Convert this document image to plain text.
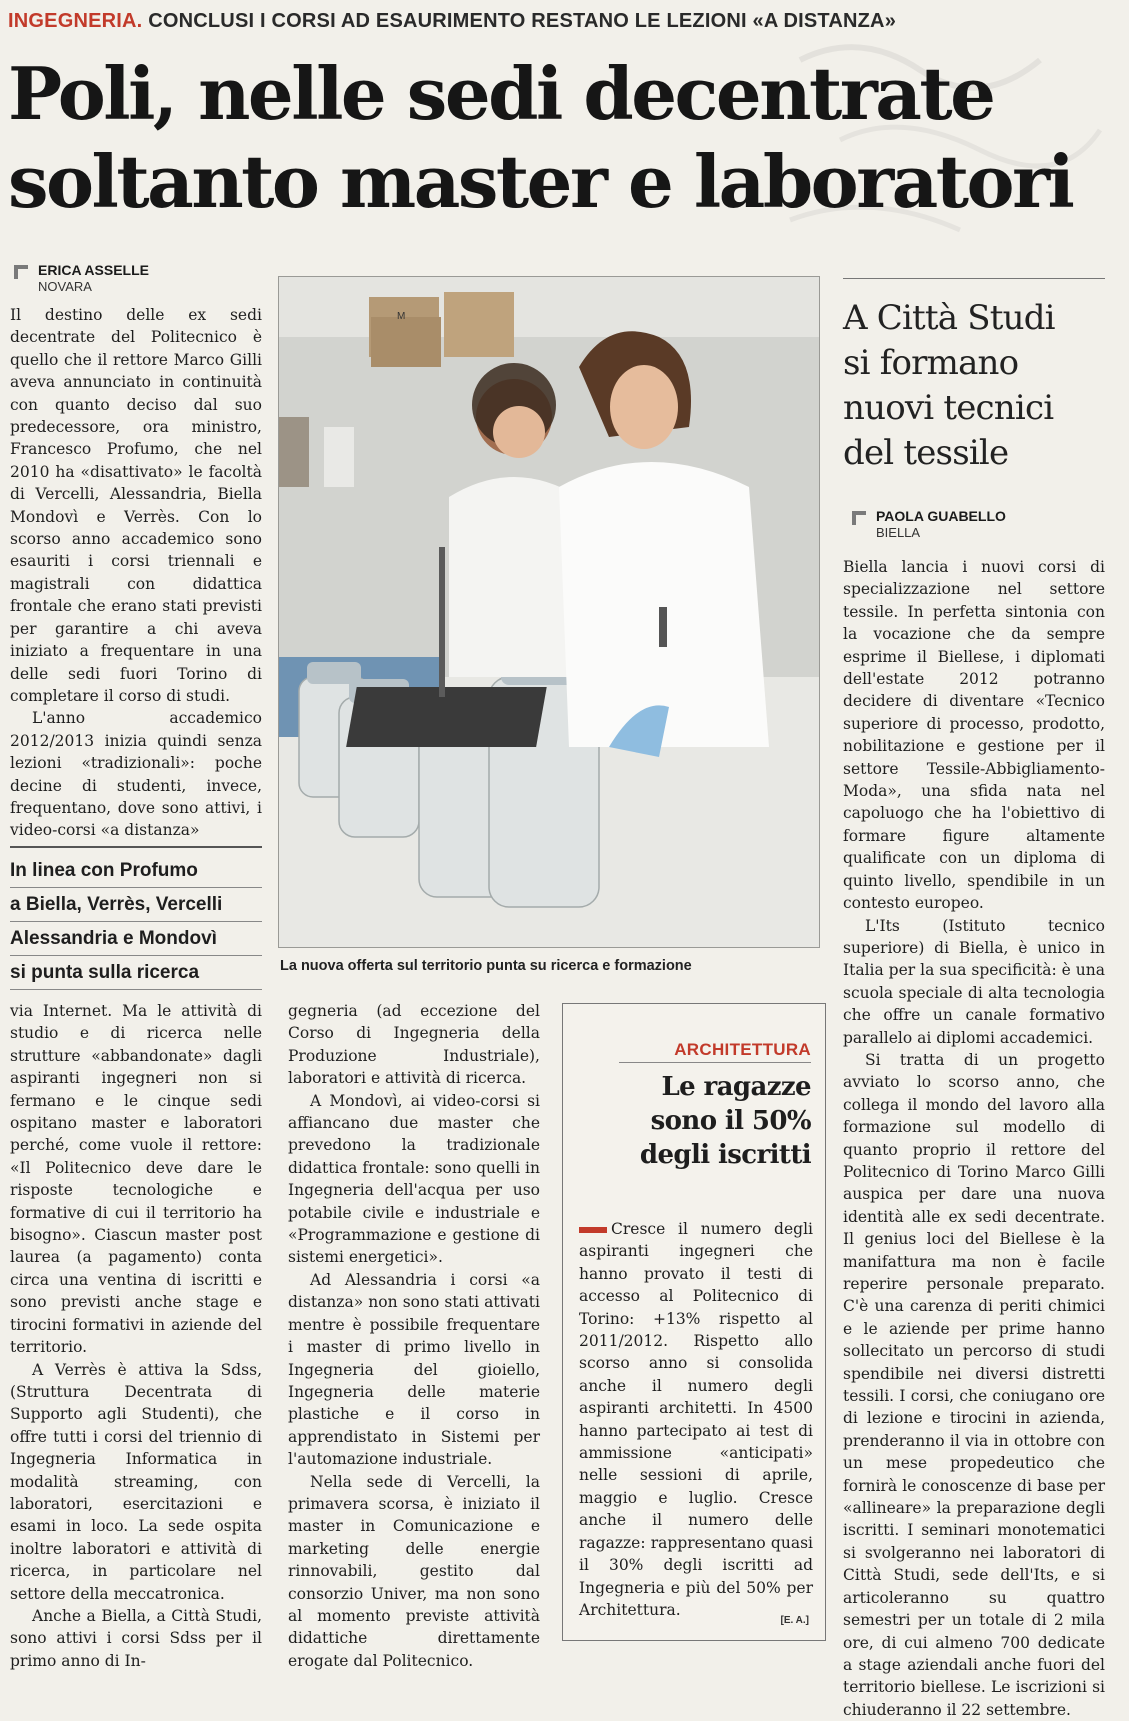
INGEGNERIA. CONCLUSI I CORSI AD ESAURIMENTO RESTANO LE LEZIONI «A DISTANZA»
Poli, nelle sedi decentrate
soltanto master e laboratori
ERICA ASSELLE
NOVARA

Il destino delle ex sedi decentrate del Politecnico è quello che il rettore Marco Gilli aveva annunciato in continuità con quanto deciso dal suo predecessore, ora ministro, Francesco Profumo, che nel 2010 ha «disattivato» le facoltà di Vercelli, Alessandria, Biella Mondovì e Verrès. Con lo scorso anno accademico sono esauriti i corsi triennali e magistrali con didattica frontale che erano stati previsti per garantire a chi aveva iniziato a frequentare in una delle sedi fuori Torino di completare il corso di studi.

L'anno accademico 2012/2013 inizia quindi senza lezioni «tradizionali»: poche decine di studenti, invece, frequentano, dove sono attivi, i video-corsi «a distanza»

In linea con Profumo
a Biella, Verrès, Vercelli
Alessandria e Mondovì
si punta sulla ricerca

via Internet. Ma le attività di studio e di ricerca nelle strutture «abbandonate» dagli aspiranti ingegneri non si fermano e le cinque sedi ospitano master e laboratori perché, come vuole il rettore: «Il Politecnico deve dare le risposte tecnologiche e formative di cui il territorio ha bisogno». Ciascun master post laurea (a pagamento) conta circa una ventina di iscritti e sono previsti anche stage e tirocini formativi in aziende del territorio.

A Verrès è attiva la Sdss, (Struttura Decentrata di Supporto agli Studenti), che offre tutti i corsi del triennio di Ingegneria Informatica in modalità streaming, con laboratori, esercitazioni e esami in loco. La sede ospita inoltre laboratori e attività di ricerca, in particolare nel settore della meccatronica.

Anche a Biella, a Città Studi, sono attivi i corsi Sdss per il primo anno di In-

gegneria (ad eccezione del Corso di Ingegneria della Produzione Industriale), laboratori e attività di ricerca.

A Mondovì, ai video-corsi si affiancano due master che prevedono la tradizionale didattica frontale: sono quelli in Ingegneria dell'acqua per uso potabile civile e industriale e «Programmazione e gestione di sistemi energetici».

Ad Alessandria i corsi «a distanza» non sono stati attivati mentre è possibile frequentare i master di primo livello in Ingegneria del gioiello, Ingegneria delle materie plastiche e il corso in apprendistato in Sistemi per l'automazione industriale.

Nella sede di Vercelli, la primavera scorsa, è iniziato il master in Comunicazione e marketing delle energie rinnovabili, gestito dal consorzio Univer, ma non sono al momento previste attività didattiche direttamente erogate dal Politecnico.

M
La nuova offerta sul territorio punta su ricerca e formazione
A Città Studi
si formano
nuovi tecnici
del tessile
PAOLA GUABELLO
BIELLA

Biella lancia i nuovi corsi di specializzazione nel settore tessile. In perfetta sintonia con la vocazione che da sempre esprime il Biellese, i diplomati dell'estate 2012 potranno decidere di diventare «Tecnico superiore di processo, prodotto, nobilitazione e gestione per il settore Tessile-Abbigliamento-Moda», una sfida nata nel capoluogo che ha l'obiettivo di formare figure altamente qualificate con un diploma di quinto livello, spendibile in un contesto europeo.

L'Its (Istituto tecnico superiore) di Biella, è unico in Italia per la sua specificità: è una scuola speciale di alta tecnologia che offre un canale formativo parallelo ai diplomi accademici.

Si tratta di un progetto avviato lo scorso anno, che collega il mondo del lavoro alla formazione sul modello di quanto proprio il rettore del Politecnico di Torino Marco Gilli auspica per dare una nuova identità alle ex sedi decentrate. Il genius loci del Biellese è la manifattura ma non è facile reperire personale preparato. C'è una carenza di periti chimici e le aziende per prime hanno sollecitato un percorso di studi spendibile nei diversi distretti tessili. I corsi, che coniugano ore di lezione e tirocini in azienda, prenderanno il via in ottobre con un mese propedeutico che fornirà le conoscenze di base per «allineare» la preparazione degli iscritti. I seminari monotematici si svolgeranno nei laboratori di Città Studi, sede dell'Its, e si articoleranno su quattro semestri per un totale di 2 mila ore, di cui almeno 700 dedicate a stage aziendali anche fuori del territorio biellese. Le iscrizioni si chiuderanno il 22 settembre.

ARCHITETTURA
Le ragazze
sono il 50%
degli iscritti

Cresce il numero degli aspiranti ingegneri che hanno provato il testi di accesso al Politecnico di Torino: +13% rispetto al 2011/2012. Rispetto allo scorso anno si consolida anche il numero degli aspiranti architetti. In 4500 hanno partecipato ai test di ammissione «anticipati» nelle sessioni di aprile, maggio e luglio. Cresce anche il numero delle ragazze: rappresentano quasi il 30% degli iscritti ad Ingegneria e più del 50% per Architettura.

[E. A.]
